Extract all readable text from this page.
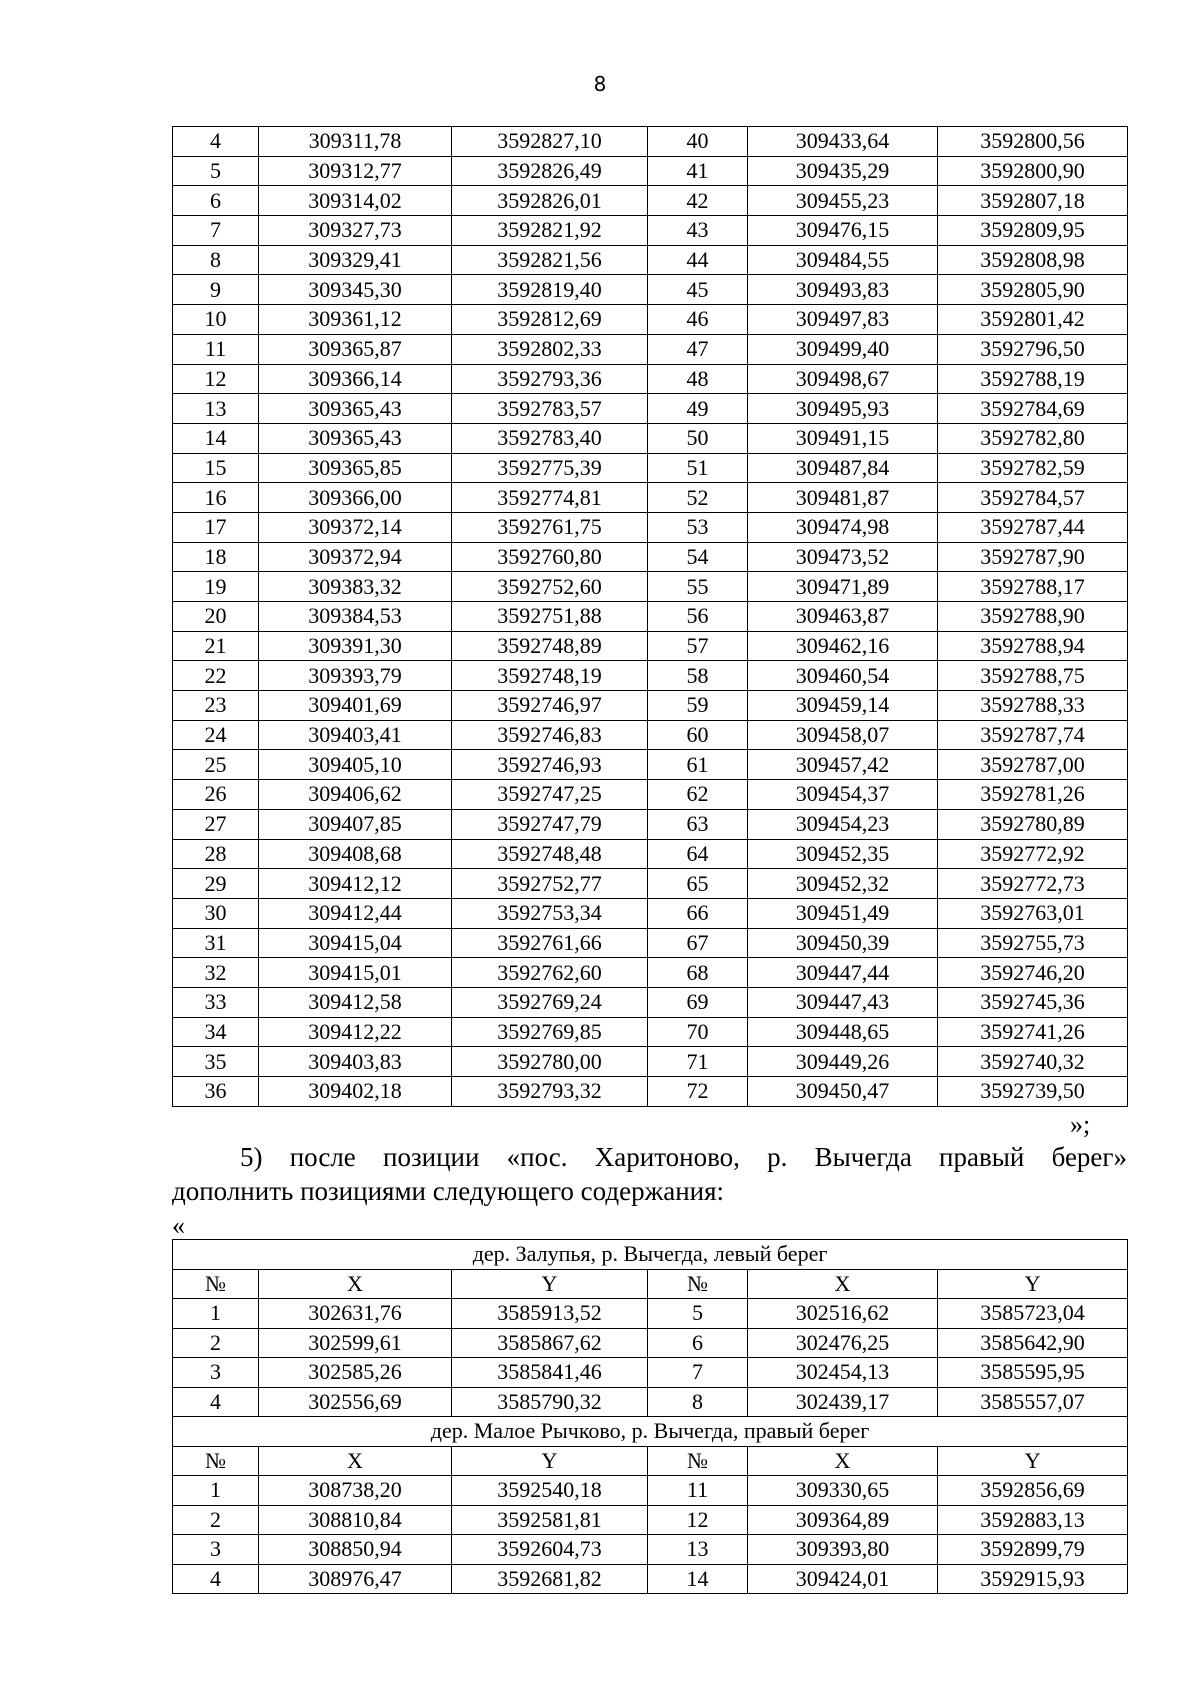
8
4	309311,78	3592827,10	40	309433,64	3592800,56
5	309312,77	3592826,49	41	309435,29	3592800,90
6	309314,02	3592826,01	42	309455,23	3592807,18
7	309327,73	3592821,92	43	309476,15	3592809,95
8	309329,41	3592821,56	44	309484,55	3592808,98
9	309345,30	3592819,40	45	309493,83	3592805,90
10	309361,12	3592812,69	46	309497,83	3592801,42
11	309365,87	3592802,33	47	309499,40	3592796,50
12	309366,14	3592793,36	48	309498,67	3592788,19
13	309365,43	3592783,57	49	309495,93	3592784,69
14	309365,43	3592783,40	50	309491,15	3592782,80
15	309365,85	3592775,39	51	309487,84	3592782,59
16	309366,00	3592774,81	52	309481,87	3592784,57
17	309372,14	3592761,75	53	309474,98	3592787,44
18	309372,94	3592760,80	54	309473,52	3592787,90
19	309383,32	3592752,60	55	309471,89	3592788,17
20	309384,53	3592751,88	56	309463,87	3592788,90
21	309391,30	3592748,89	57	309462,16	3592788,94
22	309393,79	3592748,19	58	309460,54	3592788,75
23	309401,69	3592746,97	59	309459,14	3592788,33
24	309403,41	3592746,83	60	309458,07	3592787,74
25	309405,10	3592746,93	61	309457,42	3592787,00
26	309406,62	3592747,25	62	309454,37	3592781,26
27	309407,85	3592747,79	63	309454,23	3592780,89
28	309408,68	3592748,48	64	309452,35	3592772,92
29	309412,12	3592752,77	65	309452,32	3592772,73
30	309412,44	3592753,34	66	309451,49	3592763,01
31	309415,04	3592761,66	67	309450,39	3592755,73
32	309415,01	3592762,60	68	309447,44	3592746,20
33	309412,58	3592769,24	69	309447,43	3592745,36
34	309412,22	3592769,85	70	309448,65	3592741,26
35	309403,83	3592780,00	71	309449,26	3592740,32
36	309402,18	3592793,32	72	309450,47	3592739,50
»;
5) после позиции «пос. Харитоново, р. Вычегда правый берег»
дополнить позициями следующего содержания:
«
дер. Залупья, р. Вычегда, левый берег					
№	X	Y	№	X	Y
1	302631,76	3585913,52	5	302516,62	3585723,04
2	302599,61	3585867,62	6	302476,25	3585642,90
3	302585,26	3585841,46	7	302454,13	3585595,95
4	302556,69	3585790,32	8	302439,17	3585557,07
дер. Малое Рычково, р. Вычегда, правый берег					
№	X	Y	№	X	Y
1	308738,20	3592540,18	11	309330,65	3592856,69
2	308810,84	3592581,81	12	309364,89	3592883,13
3	308850,94	3592604,73	13	309393,80	3592899,79
4	308976,47	3592681,82	14	309424,01	3592915,93
